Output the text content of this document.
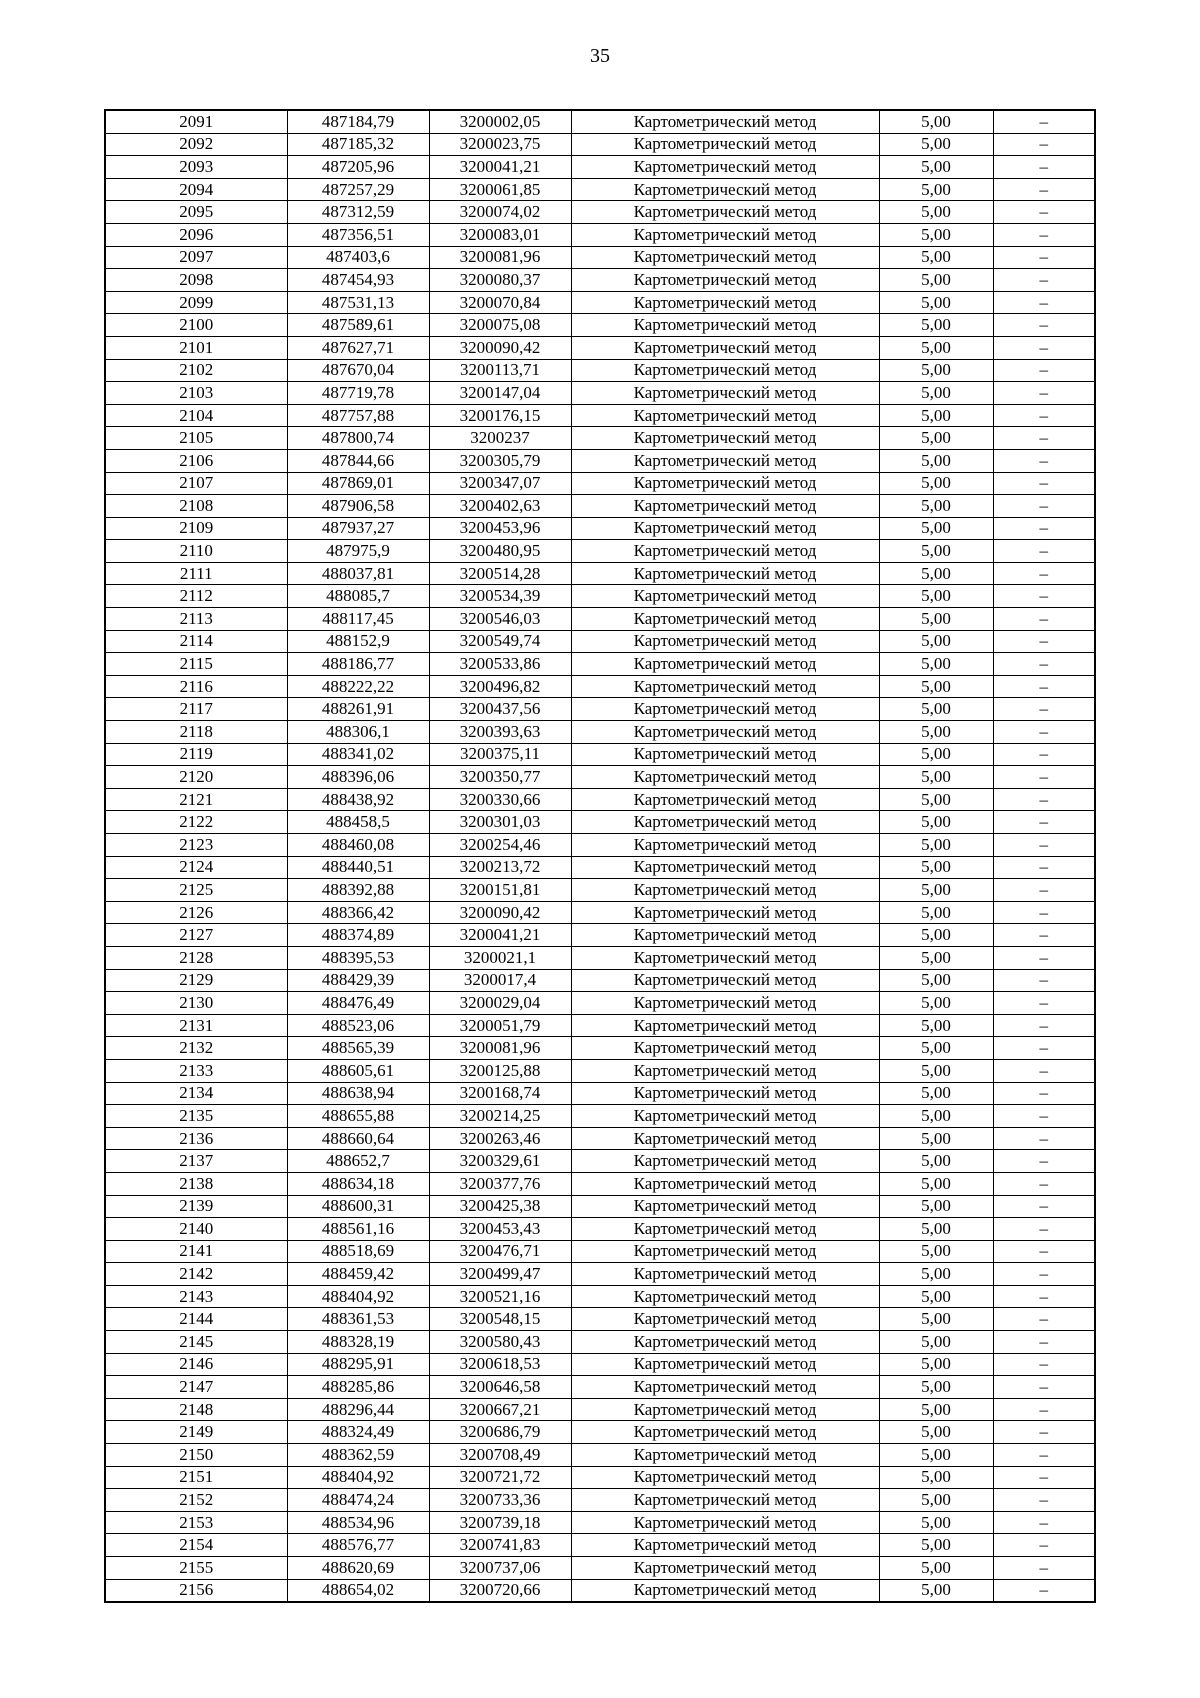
35
2091	487184,79	3200002,05	Картометрический метод	5,00	–
2092	487185,32	3200023,75	Картометрический метод	5,00	–
2093	487205,96	3200041,21	Картометрический метод	5,00	–
2094	487257,29	3200061,85	Картометрический метод	5,00	–
2095	487312,59	3200074,02	Картометрический метод	5,00	–
2096	487356,51	3200083,01	Картометрический метод	5,00	–
2097	487403,6	3200081,96	Картометрический метод	5,00	–
2098	487454,93	3200080,37	Картометрический метод	5,00	–
2099	487531,13	3200070,84	Картометрический метод	5,00	–
2100	487589,61	3200075,08	Картометрический метод	5,00	–
2101	487627,71	3200090,42	Картометрический метод	5,00	–
2102	487670,04	3200113,71	Картометрический метод	5,00	–
2103	487719,78	3200147,04	Картометрический метод	5,00	–
2104	487757,88	3200176,15	Картометрический метод	5,00	–
2105	487800,74	3200237	Картометрический метод	5,00	–
2106	487844,66	3200305,79	Картометрический метод	5,00	–
2107	487869,01	3200347,07	Картометрический метод	5,00	–
2108	487906,58	3200402,63	Картометрический метод	5,00	–
2109	487937,27	3200453,96	Картометрический метод	5,00	–
2110	487975,9	3200480,95	Картометрический метод	5,00	–
2111	488037,81	3200514,28	Картометрический метод	5,00	–
2112	488085,7	3200534,39	Картометрический метод	5,00	–
2113	488117,45	3200546,03	Картометрический метод	5,00	–
2114	488152,9	3200549,74	Картометрический метод	5,00	–
2115	488186,77	3200533,86	Картометрический метод	5,00	–
2116	488222,22	3200496,82	Картометрический метод	5,00	–
2117	488261,91	3200437,56	Картометрический метод	5,00	–
2118	488306,1	3200393,63	Картометрический метод	5,00	–
2119	488341,02	3200375,11	Картометрический метод	5,00	–
2120	488396,06	3200350,77	Картометрический метод	5,00	–
2121	488438,92	3200330,66	Картометрический метод	5,00	–
2122	488458,5	3200301,03	Картометрический метод	5,00	–
2123	488460,08	3200254,46	Картометрический метод	5,00	–
2124	488440,51	3200213,72	Картометрический метод	5,00	–
2125	488392,88	3200151,81	Картометрический метод	5,00	–
2126	488366,42	3200090,42	Картометрический метод	5,00	–
2127	488374,89	3200041,21	Картометрический метод	5,00	–
2128	488395,53	3200021,1	Картометрический метод	5,00	–
2129	488429,39	3200017,4	Картометрический метод	5,00	–
2130	488476,49	3200029,04	Картометрический метод	5,00	–
2131	488523,06	3200051,79	Картометрический метод	5,00	–
2132	488565,39	3200081,96	Картометрический метод	5,00	–
2133	488605,61	3200125,88	Картометрический метод	5,00	–
2134	488638,94	3200168,74	Картометрический метод	5,00	–
2135	488655,88	3200214,25	Картометрический метод	5,00	–
2136	488660,64	3200263,46	Картометрический метод	5,00	–
2137	488652,7	3200329,61	Картометрический метод	5,00	–
2138	488634,18	3200377,76	Картометрический метод	5,00	–
2139	488600,31	3200425,38	Картометрический метод	5,00	–
2140	488561,16	3200453,43	Картометрический метод	5,00	–
2141	488518,69	3200476,71	Картометрический метод	5,00	–
2142	488459,42	3200499,47	Картометрический метод	5,00	–
2143	488404,92	3200521,16	Картометрический метод	5,00	–
2144	488361,53	3200548,15	Картометрический метод	5,00	–
2145	488328,19	3200580,43	Картометрический метод	5,00	–
2146	488295,91	3200618,53	Картометрический метод	5,00	–
2147	488285,86	3200646,58	Картометрический метод	5,00	–
2148	488296,44	3200667,21	Картометрический метод	5,00	–
2149	488324,49	3200686,79	Картометрический метод	5,00	–
2150	488362,59	3200708,49	Картометрический метод	5,00	–
2151	488404,92	3200721,72	Картометрический метод	5,00	–
2152	488474,24	3200733,36	Картометрический метод	5,00	–
2153	488534,96	3200739,18	Картометрический метод	5,00	–
2154	488576,77	3200741,83	Картометрический метод	5,00	–
2155	488620,69	3200737,06	Картометрический метод	5,00	–
2156	488654,02	3200720,66	Картометрический метод	5,00	–
